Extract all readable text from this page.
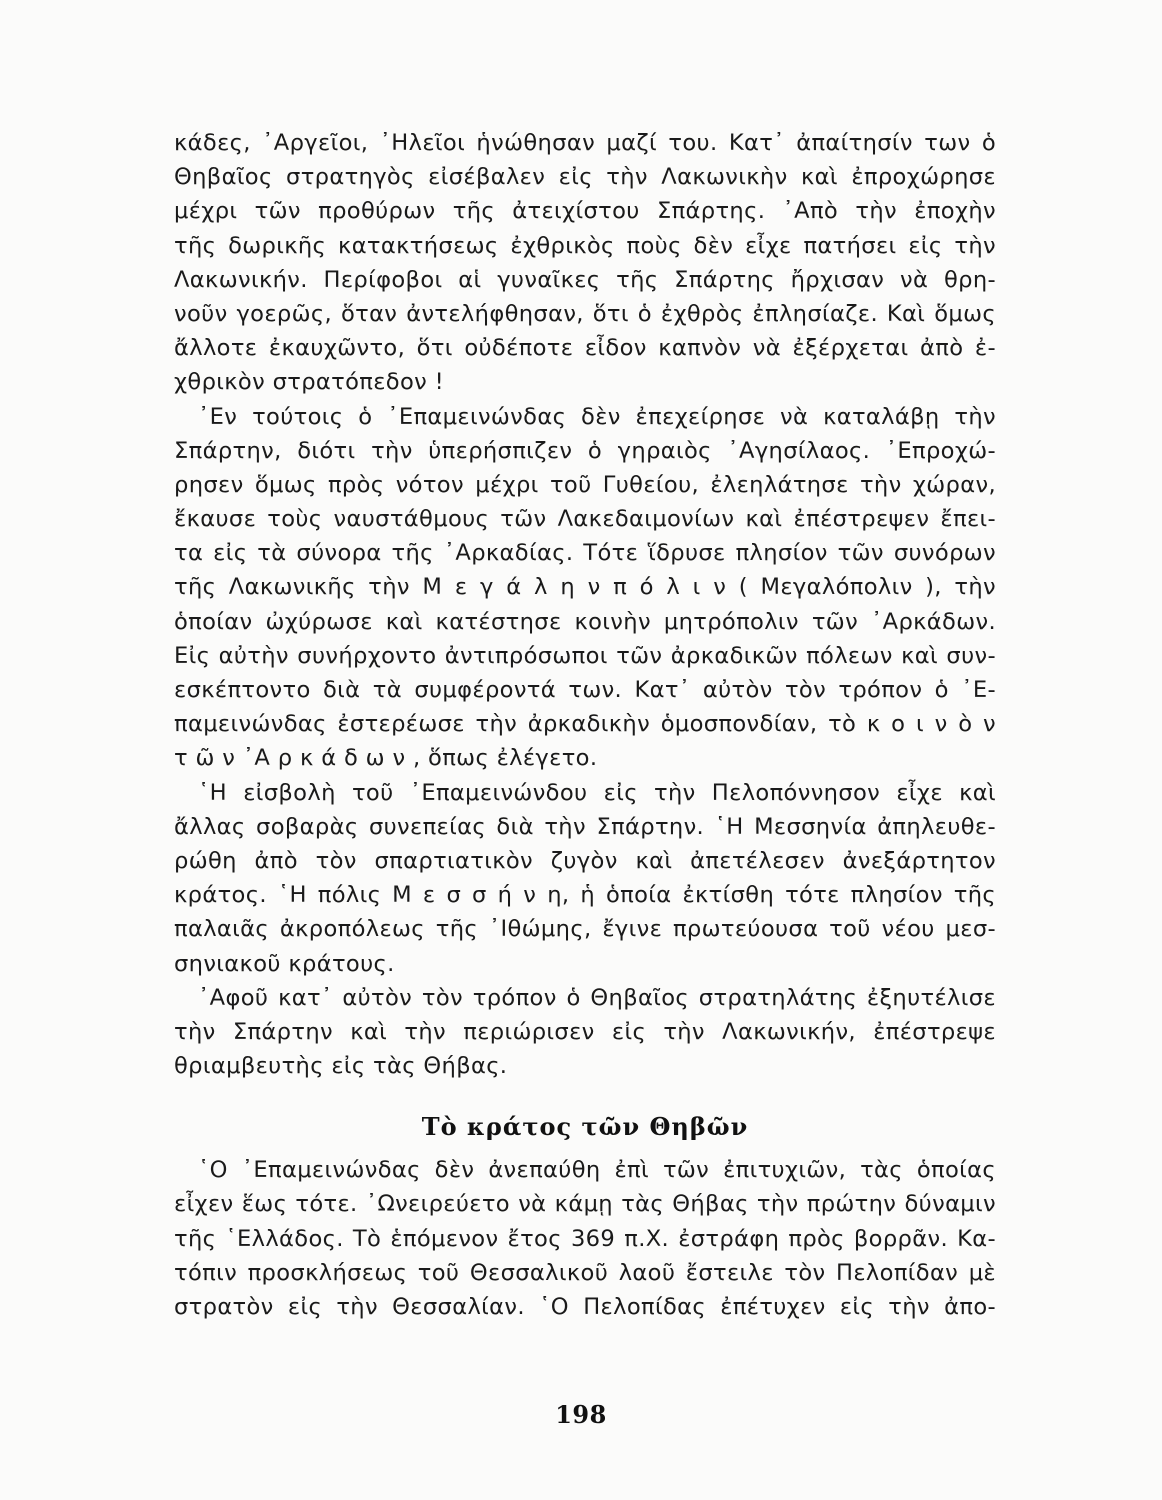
κάδες, ᾿Αργεῖοι, ᾿Ηλεῖοι ἡνώθησαν μαζί του. Κατ᾿ ἀπαίτησίν των ὁ
Θηβαῖος στρατηγὸς εἰσέβαλεν εἰς τὴν Λακωνικὴν καὶ ἐπροχώρησε
μέχρι τῶν προθύρων τῆς ἀτειχίστου Σπάρτης. ᾿Απὸ τὴν ἐποχὴν
τῆς δωρικῆς κατακτήσεως ἐχθρικὸς ποὺς δὲν εἶχε πατήσει εἰς τὴν
Λακωνικήν. Περίφοβοι αἱ γυναῖκες τῆς Σπάρτης ἤρχισαν νὰ θρη-
νοῦν γοερῶς, ὅταν ἀντελήφθησαν, ὅτι ὁ ἐχθρὸς ἐπλησίαζε. Καὶ ὅμως
ἄλλοτε ἐκαυχῶντο, ὅτι οὐδέποτε εἶδον καπνὸν νὰ ἐξέρχεται ἀπὸ ἐ-
χθρικὸν στρατόπεδον !
᾿Εν τούτοις ὁ ᾿Επαμεινώνδας δὲν ἐπεχείρησε νὰ καταλάβῃ τὴν
Σπάρτην, διότι τὴν ὑπερήσπιζεν ὁ γηραιὸς ᾿Αγησίλαος. ᾿Επροχώ-
ρησεν ὅμως πρὸς νότον μέχρι τοῦ Γυθείου, ἐλεηλάτησε τὴν χώραν,
ἔκαυσε τοὺς ναυστάθμους τῶν Λακεδαιμονίων καὶ ἐπέστρεψεν ἔπει-
τα εἰς τὰ σύνορα τῆς ᾿Αρκαδίας. Τότε ἵδρυσε πλησίον τῶν συνόρων
τῆς Λακωνικῆς τὴν Μ ε γ ά λ η ν π ό λ ι ν ( Μεγαλόπολιν ), τὴν
ὁποίαν ὠχύρωσε καὶ κατέστησε κοινὴν μητρόπολιν τῶν ᾿Αρκάδων.
Εἰς αὐτὴν συνήρχοντο ἀντιπρόσωποι τῶν ἀρκαδικῶν πόλεων καὶ συν-
εσκέπτοντο διὰ τὰ συμφέροντά των. Κατ᾿ αὐτὸν τὸν τρόπον ὁ ᾿Ε-
παμεινώνδας ἐστερέωσε τὴν ἀρκαδικὴν ὁμοσπονδίαν, τὸ κ ο ι ν ὸ ν
τ ῶ ν ᾿Α ρ κ ά δ ω ν , ὅπως ἐλέγετο.
῾Η εἰσβολὴ τοῦ ᾿Επαμεινώνδου εἰς τὴν Πελοπόννησον εἶχε καὶ
ἄλλας σοβαρὰς συνεπείας διὰ τὴν Σπάρτην. ῾Η Μεσσηνία ἀπηλευθε-
ρώθη ἀπὸ τὸν σπαρτιατικὸν ζυγὸν καὶ ἀπετέλεσεν ἀνεξάρτητον
κράτος. ῾Η πόλις Μ ε σ σ ή ν η, ἡ ὁποία ἐκτίσθη τότε πλησίον τῆς
παλαιᾶς ἀκροπόλεως τῆς ᾿Ιθώμης, ἔγινε πρωτεύουσα τοῦ νέου μεσ-
σηνιακοῦ κράτους.
᾿Αφοῦ κατ᾿ αὐτὸν τὸν τρόπον ὁ Θηβαῖος στρατηλάτης ἐξηυτέλισε
τὴν Σπάρτην καὶ τὴν περιώρισεν εἰς τὴν Λακωνικήν, ἐπέστρεψε
θριαμβευτὴς εἰς τὰς Θήβας.
Τὸ κράτος τῶν Θηβῶν
῾Ο ᾿Επαμεινώνδας δὲν ἀνεπαύθη ἐπὶ τῶν ἐπιτυχιῶν, τὰς ὁποίας
εἶχεν ἕως τότε. ᾿Ωνειρεύετο νὰ κάμῃ τὰς Θήβας τὴν πρώτην δύναμιν
τῆς ῾Ελλάδος. Τὸ ἑπόμενον ἔτος 369 π.Χ. ἐστράφη πρὸς βορρᾶν. Κα-
τόπιν προσκλήσεως τοῦ Θεσσαλικοῦ λαοῦ ἔστειλε τὸν Πελοπίδαν μὲ
στρατὸν εἰς τὴν Θεσσαλίαν. ῾Ο Πελοπίδας ἐπέτυχεν εἰς τὴν ἀπο-
198
